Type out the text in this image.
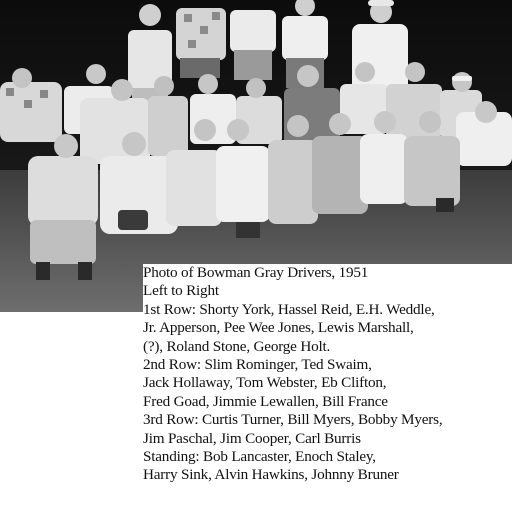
Photo of Bowman Gray Drivers, 1951
Left to Right
1st Row: Shorty York, Hassel Reid, E.H. Weddle,
Jr. Apperson, Pee Wee Jones, Lewis Marshall,
(?), Roland Stone, George Holt.
2nd Row: Slim Rominger, Ted Swaim,
Jack Hollaway, Tom Webster, Eb Clifton,
Fred Goad, Jimmie Lewallen, Bill France
3rd Row: Curtis Turner, Bill Myers, Bobby Myers,
Jim Paschal, Jim Cooper, Carl Burris
Standing: Bob Lancaster, Enoch Staley,
Harry Sink, Alvin Hawkins, Johnny Bruner
